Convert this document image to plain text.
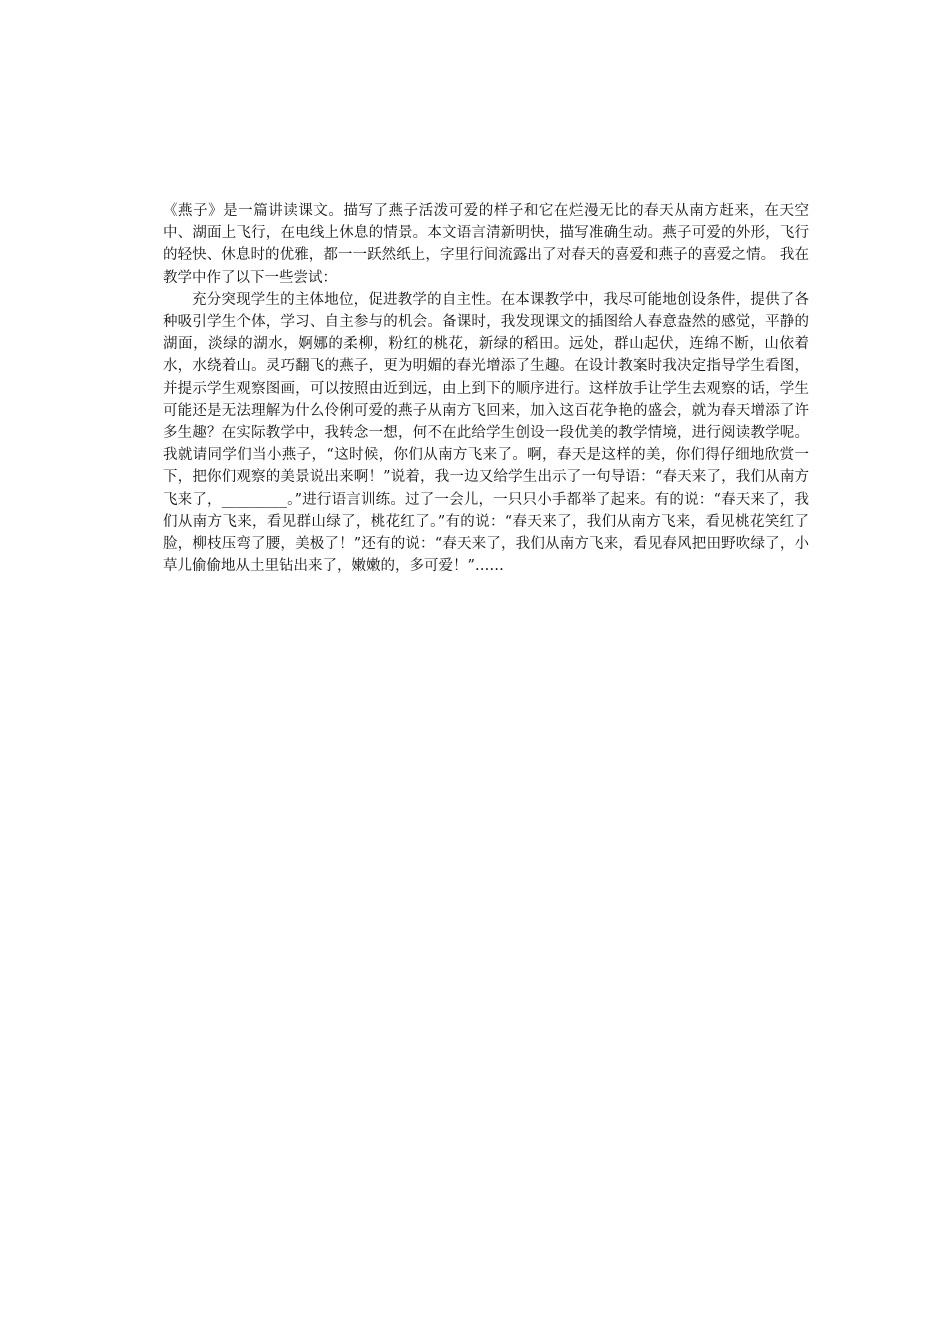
《燕子》是一篇讲读课文。描写了燕子活泼可爱的样子和它在烂漫无比的春天从南方赶来，在天空中、湖面上飞行，在电线上休息的情景。本文语言清新明快，描写准确生动。燕子可爱的外形，飞行的轻快、休息时的优雅，都一一跃然纸上，字里行间流露出了对春天的喜爱和燕子的喜爱之情。 我在教学中作了以下一些尝试：

充分突现学生的主体地位，促进教学的自主性。在本课教学中，我尽可能地创设条件，提供了各种吸引学生个体，学习、自主参与的机会。备课时，我发现课文的插图给人春意盎然的感觉，平静的湖面，淡绿的湖水，婀娜的柔柳，粉红的桃花，新绿的稻田。远处，群山起伏，连绵不断，山依着水，水绕着山。灵巧翻飞的燕子，更为明媚的春光增添了生趣。在设计教案时我决定指导学生看图，并提示学生观察图画，可以按照由近到远，由上到下的顺序进行。这样放手让学生去观察的话，学生可能还是无法理解为什么伶俐可爱的燕子从南方飞回来，加入这百花争艳的盛会，就为春天增添了许多生趣？在实际教学中，我转念一想，何不在此给学生创设一段优美的教学情境，进行阅读教学呢。我就请同学们当小燕子，“这时候，你们从南方飞来了。啊，春天是这样的美，你们得仔细地欣赏一下，把你们观察的美景说出来啊！”说着，我一边又给学生出示了一句导语：“春天来了，我们从南方飞来了，_________。”进行语言训练。过了一会儿，一只只小手都举了起来。有的说：“春天来了，我们从南方飞来，看见群山绿了，桃花红了。”有的说：“春天来了，我们从南方飞来，看见桃花笑红了脸，柳枝压弯了腰，美极了！”还有的说：“春天来了，我们从南方飞来，看见春风把田野吹绿了，小草儿偷偷地从土里钻出来了，嫩嫩的，多可爱！”……
